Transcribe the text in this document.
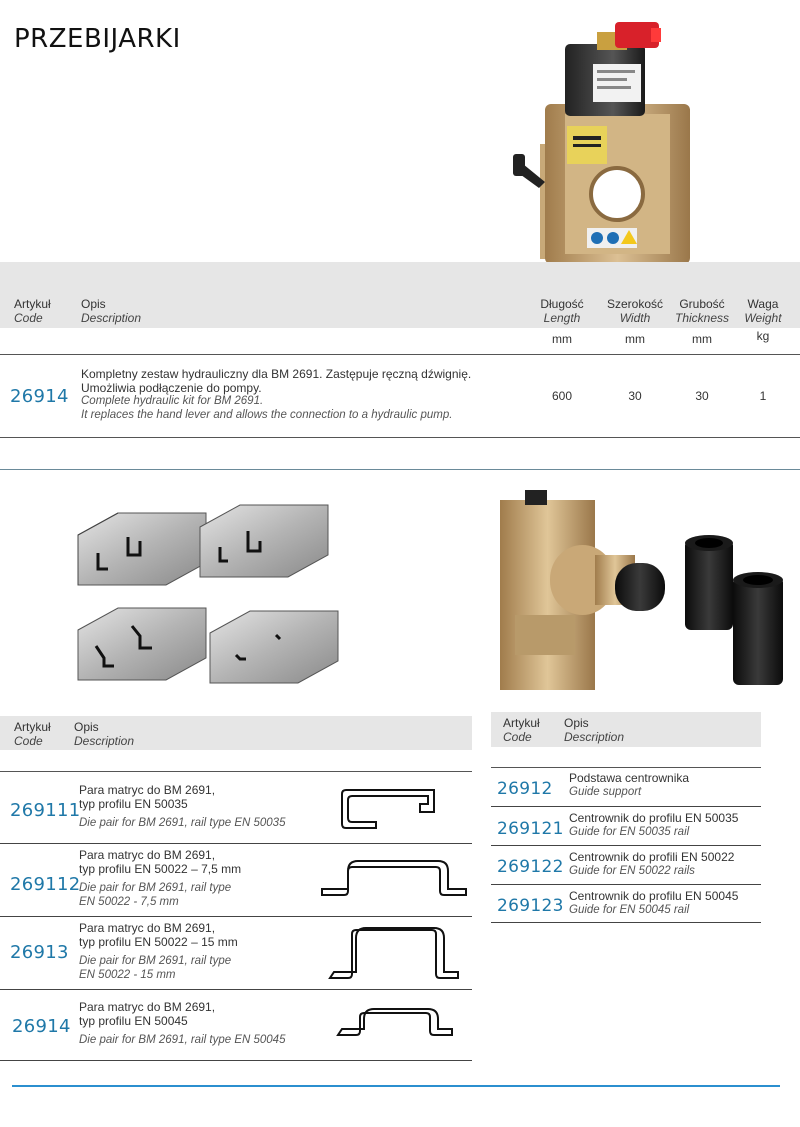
PRZEBIJARKI
Artykuł
Code
Opis
Description
Długość
Length
Szerokość
Width
Grubość
Thickness
Waga
Weight
mm	mm	mm	kg
26914
Kompletny zestaw hydrauliczny dla BM 2691. Zastępuje ręczną dźwignię.
Umożliwia podłączenie do pompy.
Complete hydraulic kit for BM 2691.
It replaces the hand lever and allows the connection to a hydraulic pump.
600	30	30	1
Artykuł
Code
Opis
Description
269111
Para matryc do BM 2691,
typ profilu EN 50035
Die pair for BM 2691, rail type EN 50035
269112
Para matryc do BM 2691,
typ profilu EN 50022 – 7,5 mm
Die pair for BM 2691, rail type
EN 50022 - 7,5 mm
26913
Para matryc do BM 2691,
typ profilu EN 50022 – 15 mm
Die pair for BM 2691, rail type
EN 50022 - 15 mm
26914
Para matryc do BM 2691,
typ profilu EN 50045
Die pair for BM 2691, rail type EN 50045
Artykuł
Code
Opis
Description
26912
Podstawa centrownika
Guide support
269121
Centrownik do profilu EN 50035
Guide for EN 50035 rail
269122 Centrownik do profili EN 50022
Guide for EN 50022 rails
269123 Centrownik do profilu EN 50045
Guide for EN 50045 rail
